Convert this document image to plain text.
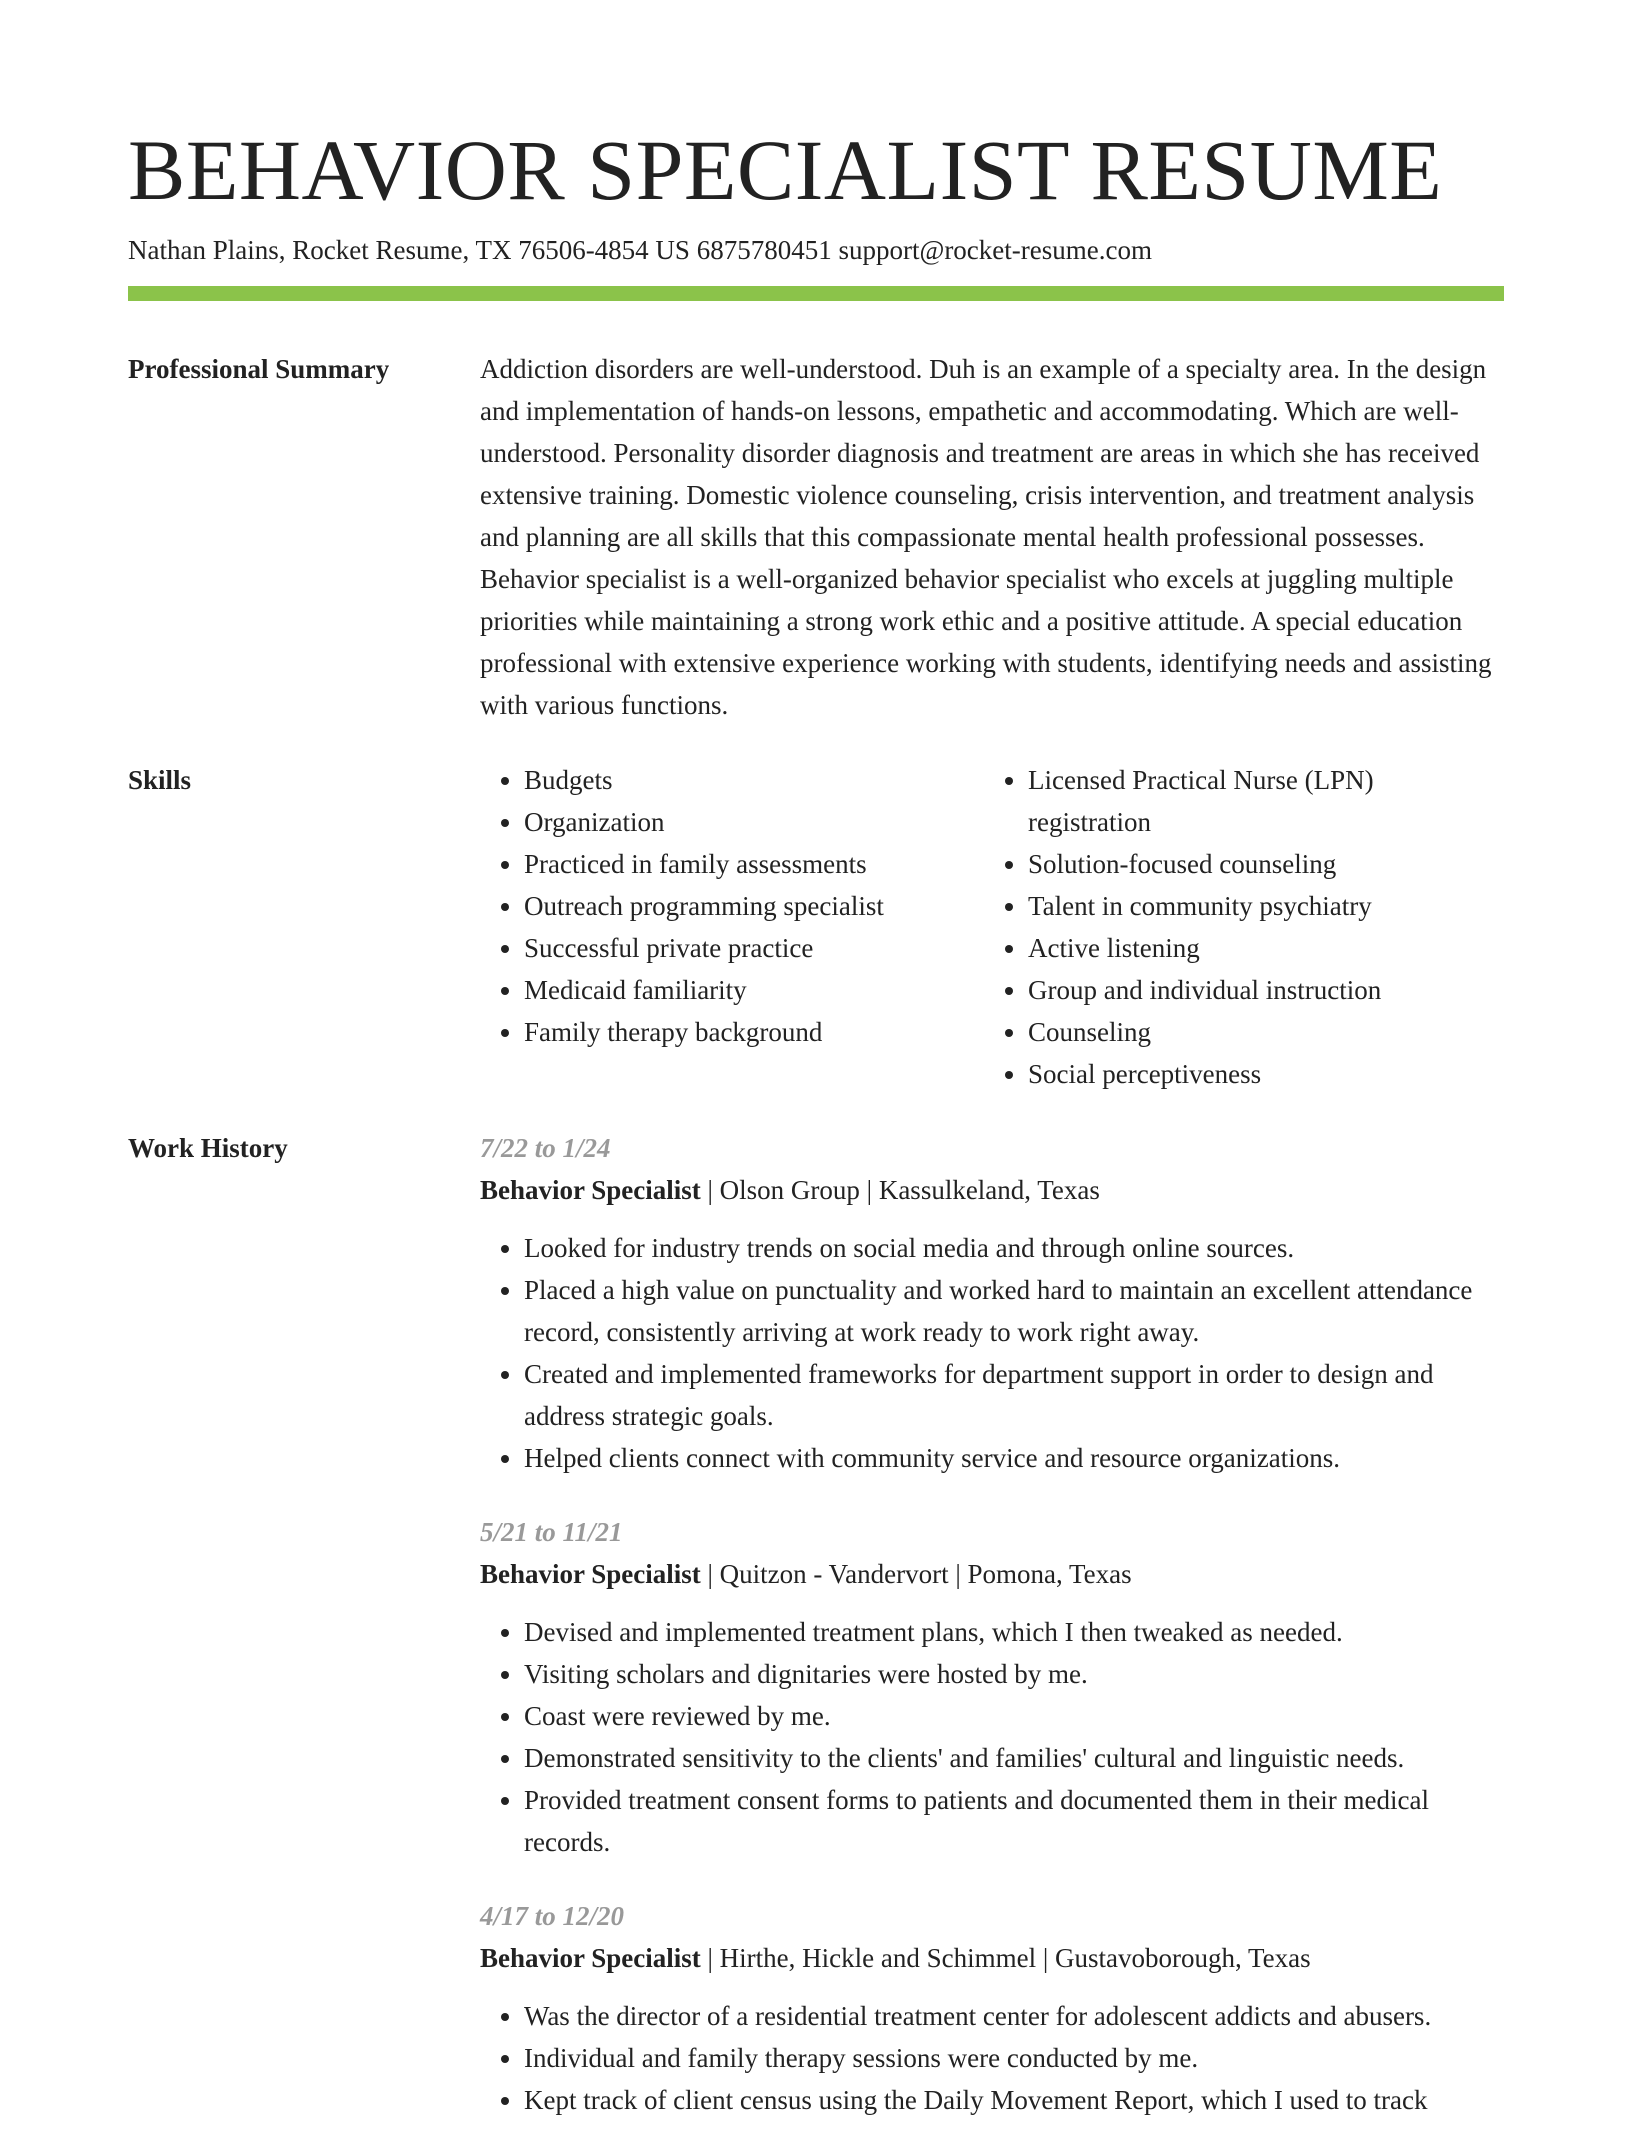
BEHAVIOR SPECIALIST RESUME
Nathan Plains, Rocket Resume, TX 76506-4854 US 6875780451 support@rocket-resume.com
Professional Summary	Addiction disorders are well-understood. Duh is an example of a specialty area. In the design and implementation of hands-on lessons, empathetic and accommodating. Which are well-understood. Personality disorder diagnosis and treatment are areas in which she has received extensive training. Domestic violence counseling, crisis intervention, and treatment analysis and planning are all skills that this compassionate mental health professional possesses. Behavior specialist is a well-organized behavior specialist who excels at juggling multiple priorities while maintaining a strong work ethic and a positive attitude. A special education professional with extensive experience working with students, identifying needs and assisting with various functions.

Skills
•	Budgets
• Organization
• Practiced in family assessments
• Outreach programming specialist
• Successful private practice
• Medicaid familiarity
• Family therapy background
• Licensed Practical Nurse (LPN) registration
• Solution-focused counseling
• Talent in community psychiatry
• Active listening
• Group and individual instruction
• Counseling
• Social perceptiveness
Work History	7/22 to 1/24
Behavior Specialist | Olson Group | Kassulkeland, Texas
• Looked for industry trends on social media and through online sources.
• Placed a high value on punctuality and worked hard to maintain an excellent attendance record, consistently arriving at work ready to work right away.
• Created and implemented frameworks for department support in order to design and address strategic goals.
• Helped clients connect with community service and resource organizations.
5/21 to 11/21
Behavior Specialist | Quitzon - Vandervort | Pomona, Texas
• Devised and implemented treatment plans, which I then tweaked as needed.
• Visiting scholars and dignitaries were hosted by me.
• Coast were reviewed by me.
• Demonstrated sensitivity to the clients' and families' cultural and linguistic needs.
• Provided treatment consent forms to patients and documented them in their medical records.
4/17 to 12/20
Behavior Specialist | Hirthe, Hickle and Schimmel | Gustavoborough, Texas
• Was the director of a residential treatment center for adolescent addicts and abusers.
• Individual and family therapy sessions were conducted by me.
• Kept track of client census using the Daily Movement Report, which I used to track
